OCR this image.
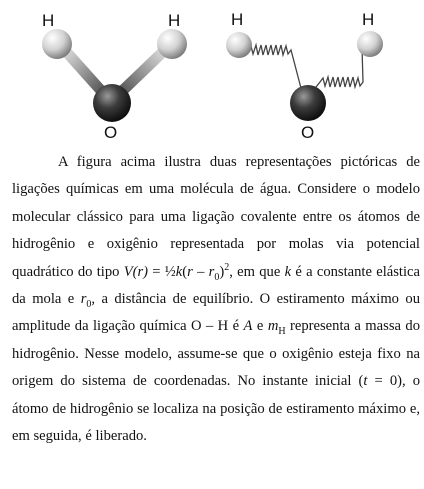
H	H
O
H	H
O

A figura acima ilustra duas representações pictóricas de ligações químicas em uma molécula de água. Considere o modelo molecular clássico para uma ligação covalente entre os átomos de hidrogênio e oxigênio representada por molas via potencial quadrático do tipo V(r) = ½k(r – $r_0)^2$, em que k é a constante elástica da mola e $r_0$, a distância de equilíbrio. O estiramento máximo ou amplitude da ligação química O – H é A e $m_H$ representa a massa do hidrogênio. Nesse modelo, assume-se que o oxigênio esteja fixo na origem do sistema de coordenadas. No instante inicial (t = 0), o átomo de hidrogênio se localiza na posição de estiramento máximo e, em seguida, é liberado.
